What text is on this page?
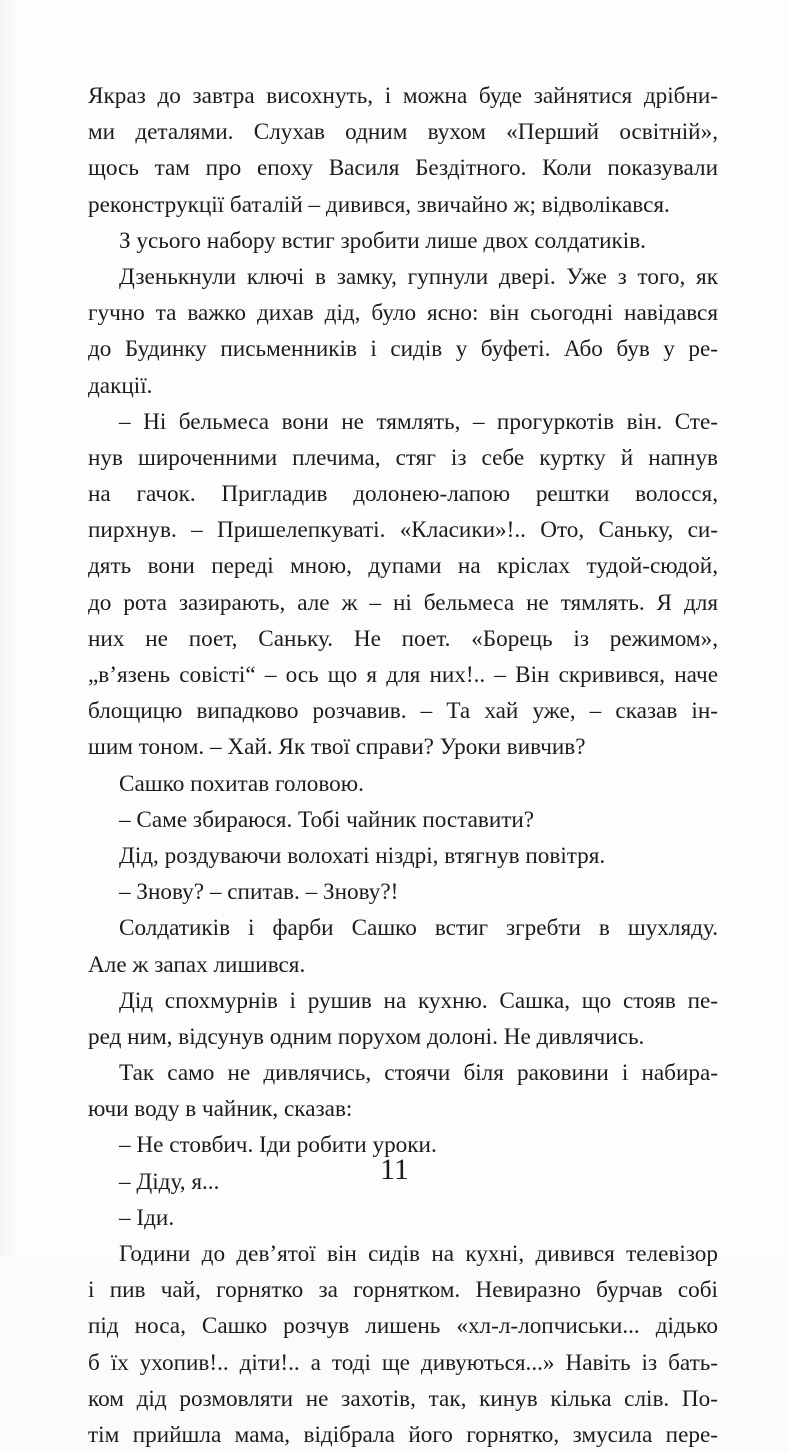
Якраз до завтра висохнуть, і можна буде зайнятися дрібни-
ми деталями. Слухав одним вухом «Перший освітній»,
щось там про епоху Василя Бездітного. Коли показували
реконструкції баталій – дивився, звичайно ж; відволікався.
З усього набору встиг зробити лише двох солдатиків.
Дзенькнули ключі в замку, гупнули двері. Уже з того, як
гучно та важко дихав дід, було ясно: він сьогодні навідався
до Будинку письменників і сидів у буфеті. Або був у ре-
дакції.
– Ні бельмеса вони не тямлять, – прогуркотів він. Сте-
нув широченними плечима, стяг із себе куртку й напнув
на гачок. Пригладив долонею-лапою рештки волосся,
пирхнув. – Пришелепкуваті. «Класики»!.. Ото, Саньку, си-
дять вони переді мною, дупами на кріслах тудой-сюдой,
до рота зазирають, але ж – ні бельмеса не тямлять. Я для
них не поет, Саньку. Не поет. «Борець із режимом»,
„в’язень совісті“ – ось що я для них!.. – Він скривився, наче
блощицю випадково розчавив. – Та хай уже, – сказав ін-
шим тоном. – Хай. Як твої справи? Уроки вивчив?
Сашко похитав головою.
– Саме збираюся. Тобі чайник поставити?
Дід, роздуваючи волохаті ніздрі, втягнув повітря.
– Знову? – спитав. – Знову?!
Солдатиків і фарби Сашко встиг згребти в шухляду.
Але ж запах лишився.
Дід спохмурнів і рушив на кухню. Сашка, що стояв пе-
ред ним, відсунув одним порухом долоні. Не дивлячись.
Так само не дивлячись, стоячи біля раковини і набира-
ючи воду в чайник, сказав:
– Не стовбич. Іди робити уроки.
– Діду, я...
– Іди.
Години до дев’ятої він сидів на кухні, дивився телевізор
і пив чай, горнятко за горнятком. Невиразно бурчав собі
під носа, Сашко розчув лишень «хл-л-лопчиськи... дідько
б їх ухопив!.. діти!.. а тоді ще дивуються...» Навіть із бать-
ком дід розмовляти не захотів, так, кинув кілька слів. По-
тім прийшла мама, відібрала його горнятко, змусила пере-
11
